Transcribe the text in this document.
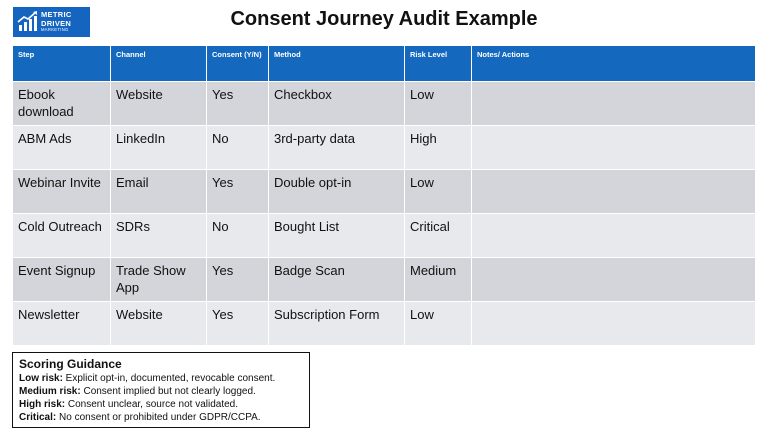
METRIC
DRIVEN
MARKETING	Consent Journey Audit Example
Step	Channel	Consent (Y/N)	Method	Risk Level	Notes/ Actions
Ebook download	Website	Yes	Checkbox	Low	
ABM Ads	LinkedIn	No	3rd-party data	High	
Webinar Invite	Email	Yes	Double opt-in	Low	
Cold Outreach	SDRs	No	Bought List	Critical	
Event Signup	Trade Show App	Yes	Badge Scan	Medium	
Newsletter	Website	Yes	Subscription Form	Low	
Scoring Guidance
Low risk: Explicit opt-in, documented, revocable consent.
Medium risk: Consent implied but not clearly logged.
High risk: Consent unclear, source not validated.
Critical: No consent or prohibited under GDPR/CCPA.
